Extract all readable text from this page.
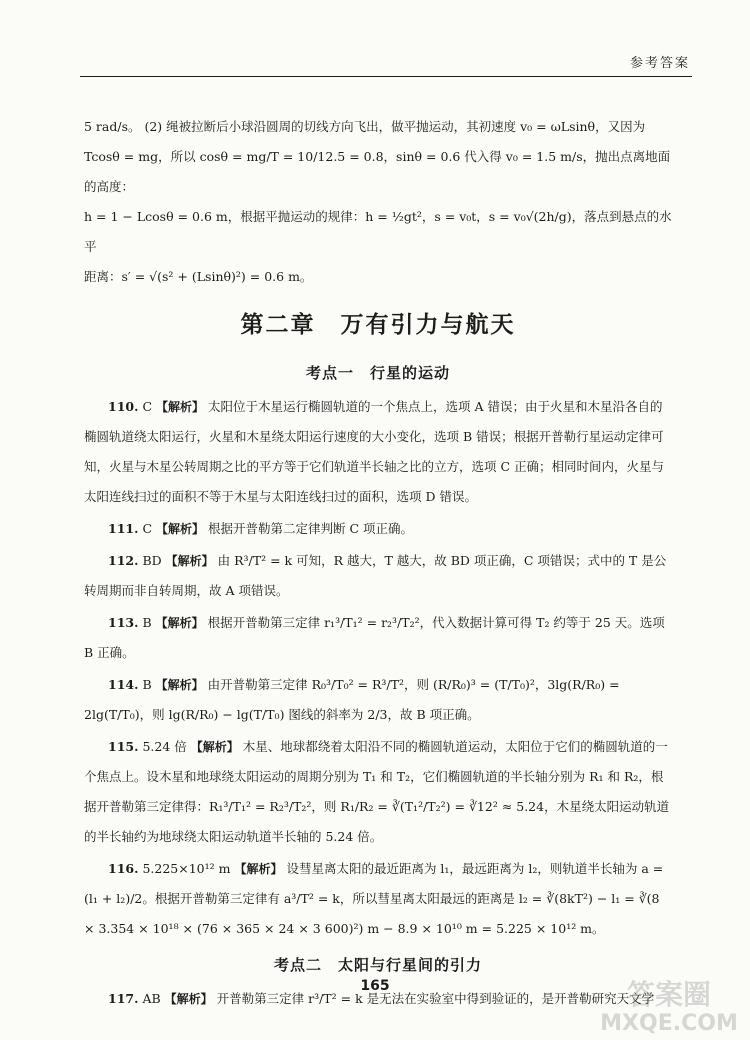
参考答案

5 rad/s。 (2) 绳被拉断后小球沿圆周的切线方向飞出，做平抛运动，其初速度 v₀ = ωLsinθ，又因为

Tcosθ = mg，所以 cosθ = mg/T = 10/12.5 = 0.8，sinθ = 0.6 代入得 v₀ = 1.5 m/s，抛出点离地面的高度：

h = 1 − Lcosθ = 0.6 m，根据平抛运动的规律：h = ½gt²，s = v₀t，s = v₀√(2h/g)，落点到悬点的水平

距离：s′ = √(s² + (Lsinθ)²) = 0.6 m。

第二章　万有引力与航天

考点一　行星的运动

110. C 【解析】 太阳位于木星运行椭圆轨道的一个焦点上，选项 A 错误；由于火星和木星沿各自的椭圆轨道绕太阳运行，火星和木星绕太阳运行速度的大小变化，选项 B 错误；根据开普勒行星运动定律可知，火星与木星公转周期之比的平方等于它们轨道半长轴之比的立方，选项 C 正确；相同时间内，火星与太阳连线扫过的面积不等于木星与太阳连线扫过的面积，选项 D 错误。

111. C 【解析】 根据开普勒第二定律判断 C 项正确。

112. BD 【解析】 由 R³/T² = k 可知，R 越大，T 越大，故 BD 项正确，C 项错误；式中的 T 是公转周期而非自转周期，故 A 项错误。

113. B 【解析】 根据开普勒第三定律 r₁³/T₁² = r₂³/T₂²，代入数据计算可得 T₂ 约等于 25 天。选项 B 正确。

114. B 【解析】 由开普勒第三定律 R₀³/T₀² = R³/T²，则 (R/R₀)³ = (T/T₀)²，3lg(R/R₀) = 2lg(T/T₀)，则 lg(R/R₀) − lg(T/T₀) 图线的斜率为 2/3，故 B 项正确。

115. 5.24 倍 【解析】 木星、地球都绕着太阳沿不同的椭圆轨道运动，太阳位于它们的椭圆轨道的一个焦点上。设木星和地球绕太阳运动的周期分别为 T₁ 和 T₂，它们椭圆轨道的半长轴分别为 R₁ 和 R₂，根据开普勒第三定律得：R₁³/T₁² = R₂³/T₂²，则 R₁/R₂ = ∛(T₁²/T₂²) = ∛12² ≈ 5.24，木星绕太阳运动轨道的半长轴约为地球绕太阳运动轨道半长轴的 5.24 倍。

116. 5.225×10¹² m 【解析】 设彗星离太阳的最近距离为 l₁，最远距离为 l₂，则轨道半长轴为 a = (l₁ + l₂)/2。根据开普勒第三定律有 a³/T² = k，所以彗星离太阳最远的距离是 l₂ = ∛(8kT²) − l₁ = ∛(8 × 3.354 × 10¹⁸ × (76 × 365 × 24 × 3 600)²) m − 8.9 × 10¹⁰ m = 5.225 × 10¹² m。

考点二　太阳与行星间的引力

117. AB 【解析】 开普勒第三定律 r³/T² = k 是无法在实验室中得到验证的，是开普勒研究天文学

165	答案圈
MXQE.COM
